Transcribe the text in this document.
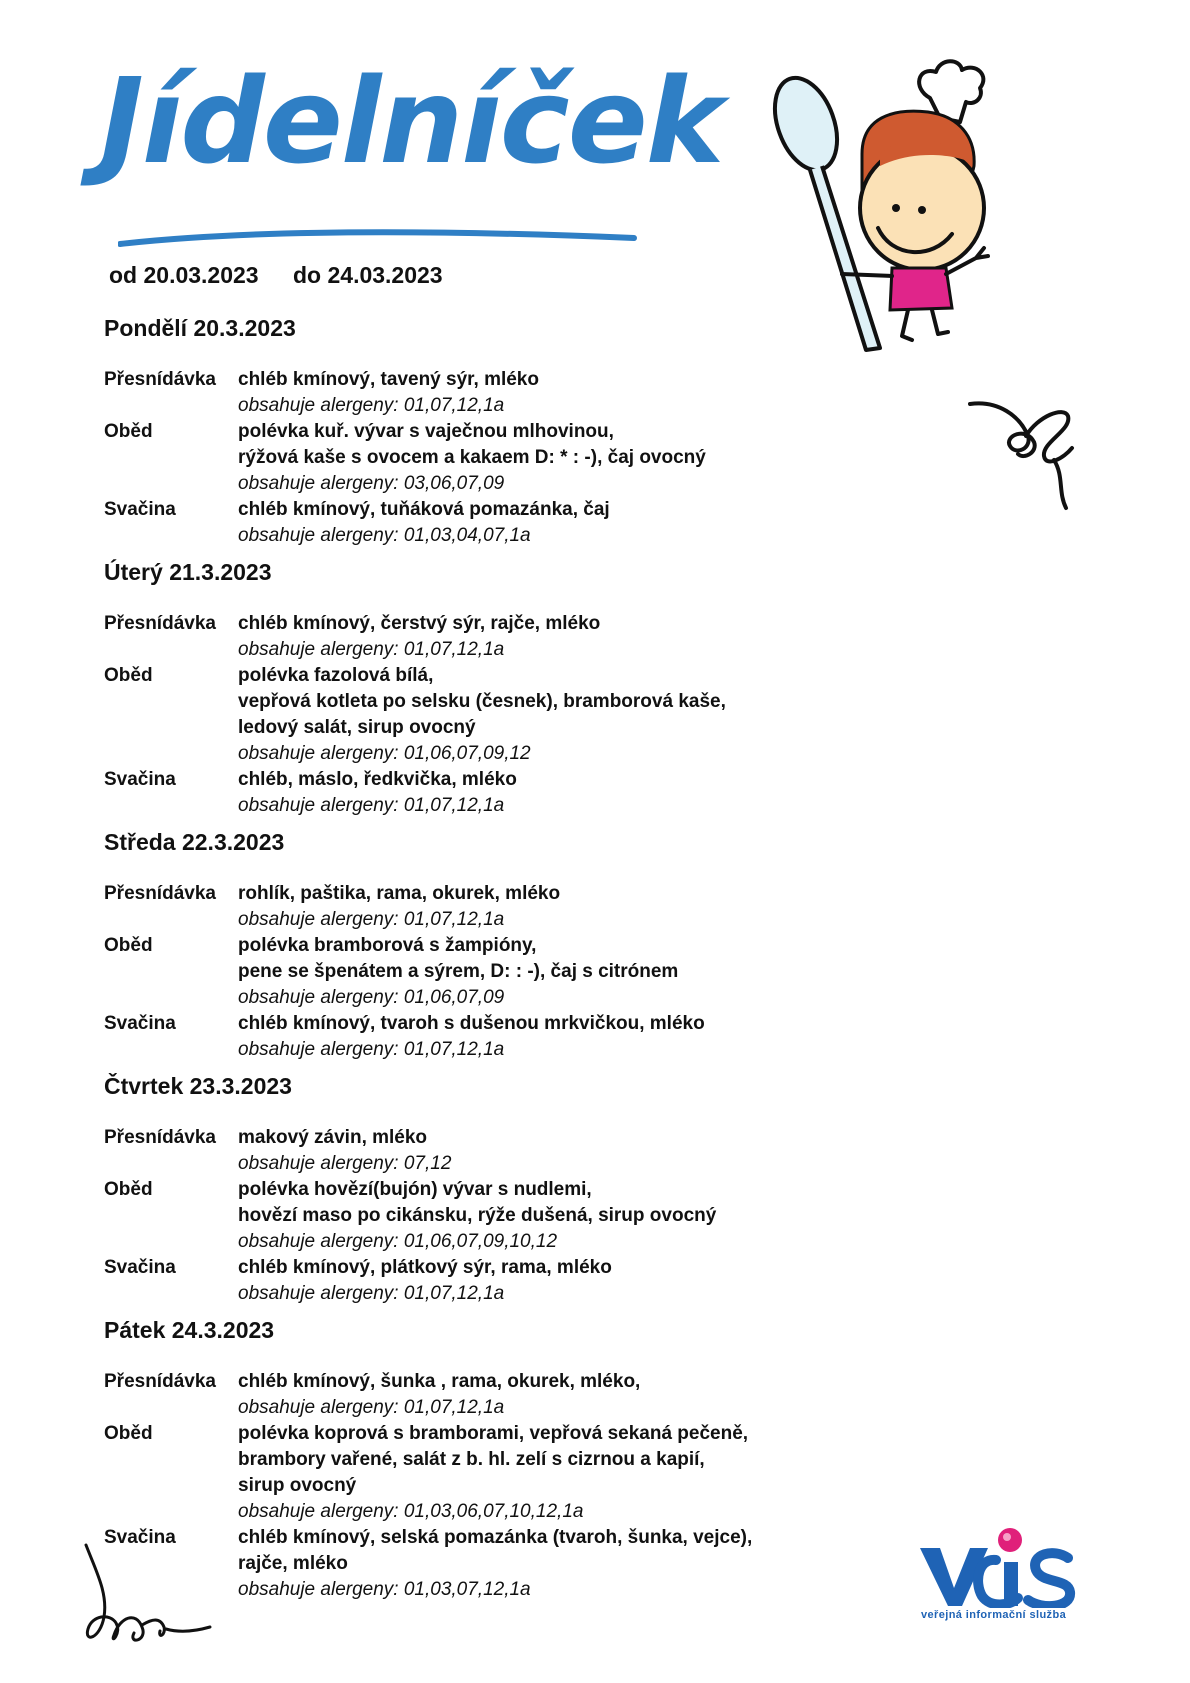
Jídelníček
od 20.03.2023 do 24.03.2023
Pondělí 20.3.2023
Přesnídávka	chléb kmínový, tavený sýr, mléko
obsahuje alergeny: 01,07,12,1a
Oběd	polévka kuř. vývar s vaječnou mlhovinou,
rýžová kaše s ovocem a kakaem D: * : -), čaj ovocný
obsahuje alergeny: 03,06,07,09
Svačina	chléb kmínový, tuňáková pomazánka, čaj
obsahuje alergeny: 01,03,04,07,1a
Úterý 21.3.2023
Přesnídávka	chléb kmínový, čerstvý sýr, rajče, mléko
obsahuje alergeny: 01,07,12,1a
Oběd	polévka fazolová bílá,
vepřová kotleta po selsku (česnek), bramborová kaše,
ledový salát, sirup ovocný
obsahuje alergeny: 01,06,07,09,12
Svačina	chléb, máslo, ředkvička, mléko
obsahuje alergeny: 01,07,12,1a
Středa 22.3.2023
Přesnídávka	rohlík, paštika, rama, okurek, mléko
obsahuje alergeny: 01,07,12,1a
Oběd	polévka bramborová s žampióny,
pene se špenátem a sýrem, D: : -), čaj s citrónem
obsahuje alergeny: 01,06,07,09
Svačina	chléb kmínový, tvaroh s dušenou mrkvičkou, mléko
obsahuje alergeny: 01,07,12,1a
Čtvrtek 23.3.2023
Přesnídávka	makový závin, mléko
obsahuje alergeny: 07,12
Oběd	polévka hovězí(bujón) vývar s nudlemi,
hovězí maso po cikánsku, rýže dušená, sirup ovocný
obsahuje alergeny: 01,06,07,09,10,12
Svačina	chléb kmínový, plátkový sýr, rama, mléko
obsahuje alergeny: 01,07,12,1a
Pátek 24.3.2023
Přesnídávka	chléb kmínový, šunka , rama, okurek, mléko,
obsahuje alergeny: 01,07,12,1a
Oběd	polévka koprová s bramborami, vepřová sekaná pečeně,
brambory vařené, salát z b. hl. zelí s cizrnou a kapií,
sirup ovocný
obsahuje alergeny: 01,03,06,07,10,12,1a
Svačina	chléb kmínový, selská pomazánka (tvaroh, šunka, vejce),
rajče, mléko
obsahuje alergeny: 01,03,07,12,1a
veřejná informační služba
